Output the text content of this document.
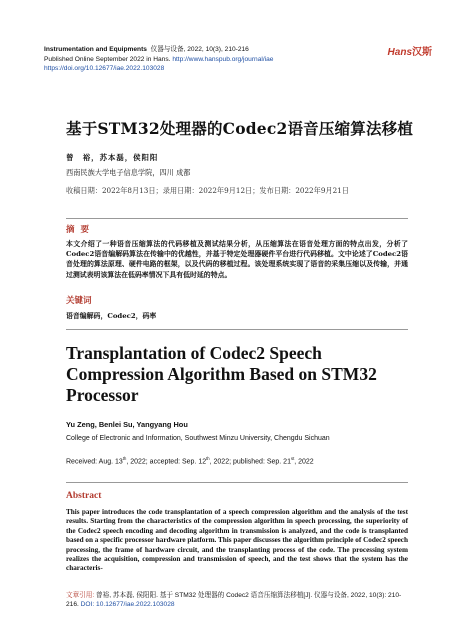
Instrumentation and Equipments 仪器与设备, 2022, 10(3), 210-216
Published Online September 2022 in Hans. http://www.hanspub.org/journal/iae
https://doi.org/10.12677/iae.2022.103028
Hans汉斯
基于STM32处理器的Codec2语音压缩算法移植
曾　裕，苏本磊，侯阳阳
西南民族大学电子信息学院，四川 成都
收稿日期：2022年8月13日；录用日期：2022年9月12日；发布日期：2022年9月21日
摘要
本文介绍了一种语音压缩算法的代码移植及测试结果分析，从压缩算法在语音处理方面的特点出发，分析了Codec2语音编解码算法在传输中的优越性，并基于特定处理器硬件平台进行代码移植。文中论述了Codec2语音处理的算法原理、硬件电路的框架，以及代码的移植过程。该处理系统实现了语音的采集压缩以及传输，并通过测试表明该算法在低码率情况下具有低时延的特点。
关键词
语音编解码，Codec2，码率
Transplantation of Codec2 Speech Compression Algorithm Based on STM32 Processor
Yu Zeng, Benlei Su, Yangyang Hou
College of Electronic and Information, Southwest Minzu University, Chengdu Sichuan
Received: Aug. 13th, 2022; accepted: Sep. 12th, 2022; published: Sep. 21st, 2022
Abstract
This paper introduces the code transplantation of a speech compression algorithm and the analysis of the test results. Starting from the characteristics of the compression algorithm in speech processing, the superiority of the Codec2 speech encoding and decoding algorithm in transmission is analyzed, and the code is transplanted based on a specific processor hardware platform. This paper discusses the algorithm principle of Codec2 speech processing, the frame of hardware circuit, and the transplanting process of the code. The processing system realizes the acquisition, compression and transmission of speech, and the test shows that the system has the characteris-
文章引用: 曾裕, 苏本磊, 侯阳阳. 基于 STM32 处理器的 Codec2 语音压缩算法移植[J]. 仪器与设备, 2022, 10(3): 210-216. DOI: 10.12677/iae.2022.103028
